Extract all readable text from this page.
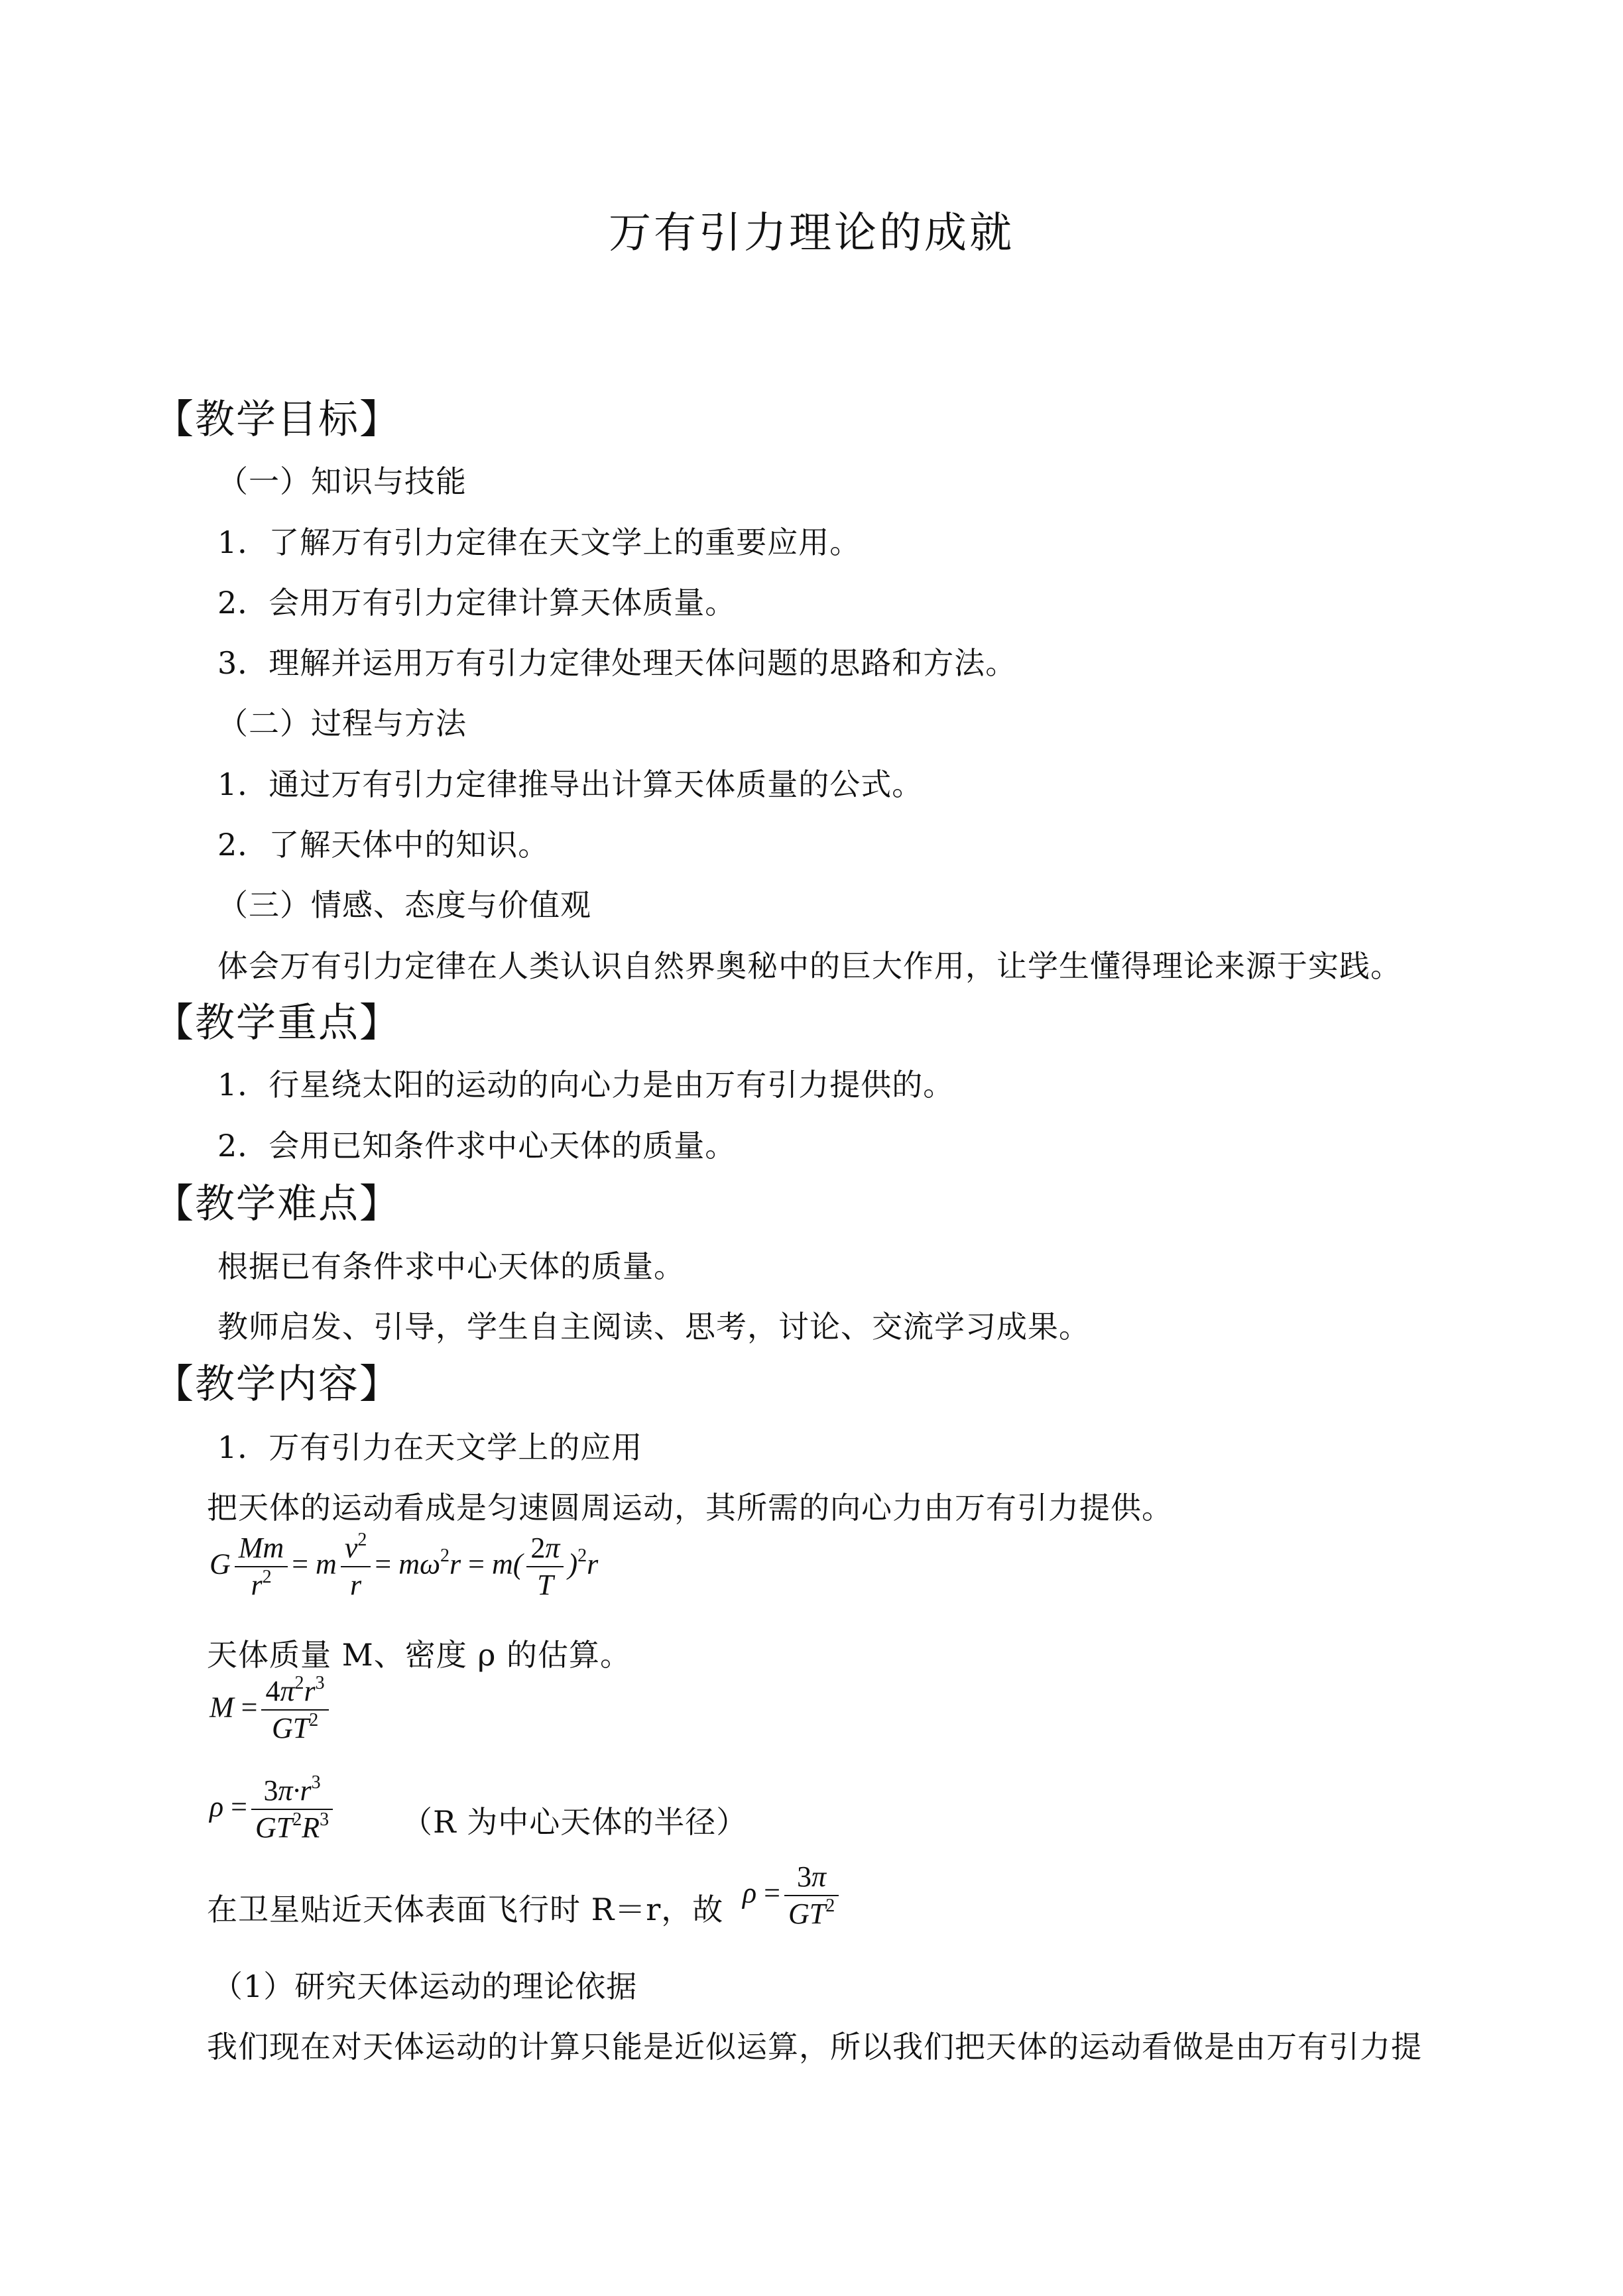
万有引力理论的成就
【教学目标】
（一）知识与技能
1．了解万有引力定律在天文学上的重要应用。
2．会用万有引力定律计算天体质量。
3．理解并运用万有引力定律处理天体问题的思路和方法。
（二）过程与方法
1．通过万有引力定律推导出计算天体质量的公式。
2．了解天体中的知识。
（三）情感、态度与价值观
体会万有引力定律在人类认识自然界奥秘中的巨大作用，让学生懂得理论来源于实践。
【教学重点】
1．行星绕太阳的运动的向心力是由万有引力提供的。
2．会用已知条件求中心天体的质量。
【教学难点】
根据已有条件求中心天体的质量。
教师启发、引导，学生自主阅读、思考，讨论、交流学习成果。
【教学内容】
1．万有引力在天文学上的应用
把天体的运动看成是匀速圆周运动，其所需的向心力由万有引力提供。
G $\frac{Mm}{r^2} = m \frac{v^2}{r} = m\omega^2r = m( \frac{2\pi}{T} )^2r$
天体质量 M、密度 ρ 的估算。
$M = \frac{4\pi^2r^3}{GT^2}$
$\rho = \frac{3\pi\cdot r^3}{GT^2R^3} (R$ 为中心天体的半径）
在卫星贴近天体表面飞行时 R＝r，故 $\rho = \frac{3\pi}{GT^2}$
（1）研究天体运动的理论依据
我们现在对天体运动的计算只能是近似运算，所以我们把天体的运动看做是由万有引力提
